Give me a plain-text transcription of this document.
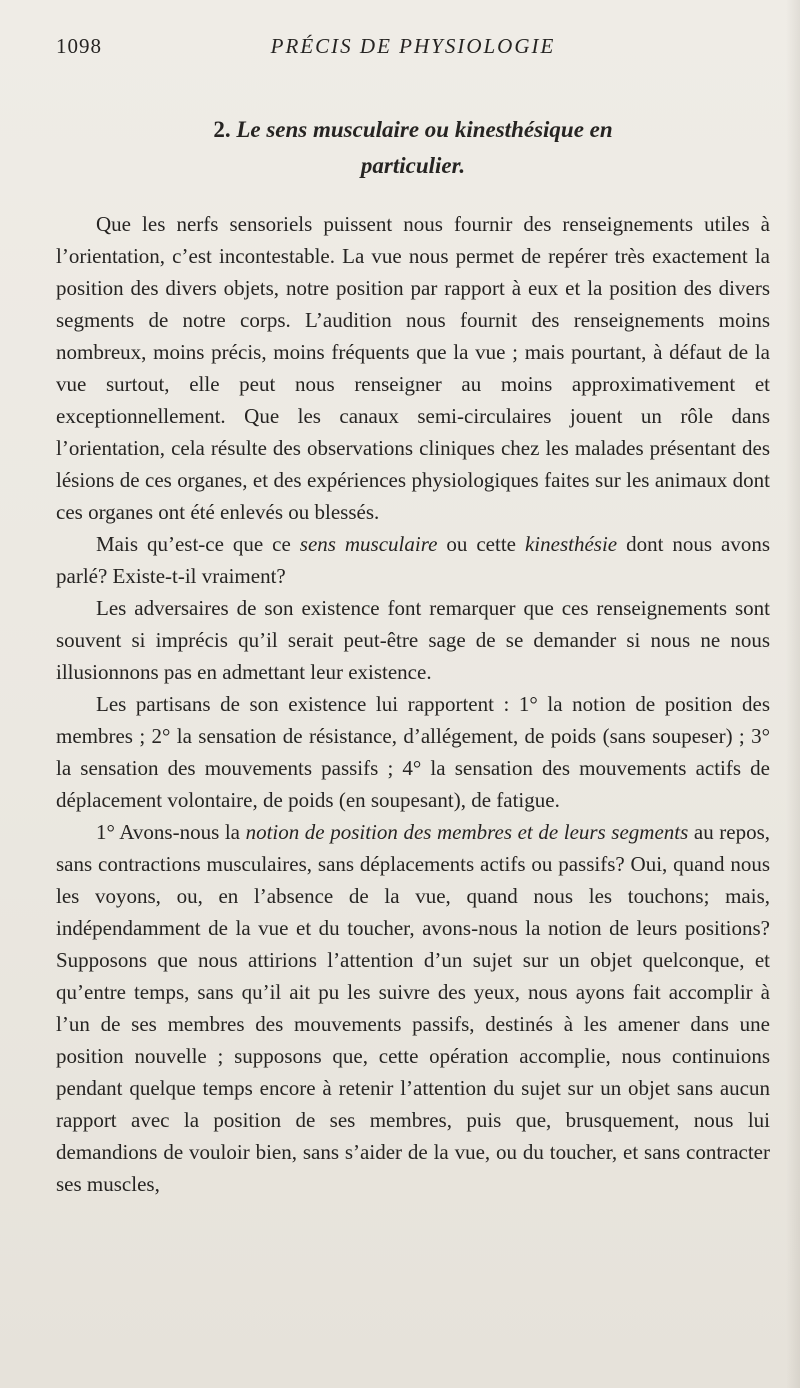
1098	PRÉCIS DE PHYSIOLOGIE
2. Le sens musculaire ou kinesthésique en
particulier.

Que les nerfs sensoriels puissent nous fournir des renseignements utiles à l’orientation, c’est incontestable. La vue nous permet de repérer très exactement la position des divers objets, notre position par rapport à eux et la position des divers segments de notre corps. L’audition nous fournit des renseignements moins nombreux, moins précis, moins fréquents que la vue ; mais pourtant, à défaut de la vue surtout, elle peut nous renseigner au moins approximativement et exceptionnellement. Que les canaux semi-circulaires jouent un rôle dans l’orientation, cela résulte des observations cliniques chez les malades présentant des lésions de ces organes, et des expériences physiologiques faites sur les animaux dont ces organes ont été enlevés ou blessés.

Mais qu’est-ce que ce sens musculaire ou cette kinesthésie dont nous avons parlé? Existe-t-il vraiment?

Les adversaires de son existence font remarquer que ces renseignements sont souvent si imprécis qu’il serait peut-être sage de se demander si nous ne nous illusionnons pas en admettant leur existence.

Les partisans de son existence lui rapportent : 1° la notion de position des membres ; 2° la sensation de résistance, d’allégement, de poids (sans soupeser) ; 3° la sensation des mouvements passifs ; 4° la sensation des mouvements actifs de déplacement volontaire, de poids (en soupesant), de fatigue.

1° Avons-nous la notion de position des membres et de leurs segments au repos, sans contractions musculaires, sans déplacements actifs ou passifs? Oui, quand nous les voyons, ou, en l’absence de la vue, quand nous les touchons; mais, indépendamment de la vue et du toucher, avons-nous la notion de leurs positions? Supposons que nous attirions l’attention d’un sujet sur un objet quelconque, et qu’entre temps, sans qu’il ait pu les suivre des yeux, nous ayons fait accomplir à l’un de ses membres des mouvements passifs, destinés à les amener dans une position nouvelle ; supposons que, cette opération accomplie, nous continuions pendant quelque temps encore à retenir l’attention du sujet sur un objet sans aucun rapport avec la position de ses membres, puis que, brusquement, nous lui demandions de vouloir bien, sans s’aider de la vue, ou du toucher, et sans contracter ses muscles,
